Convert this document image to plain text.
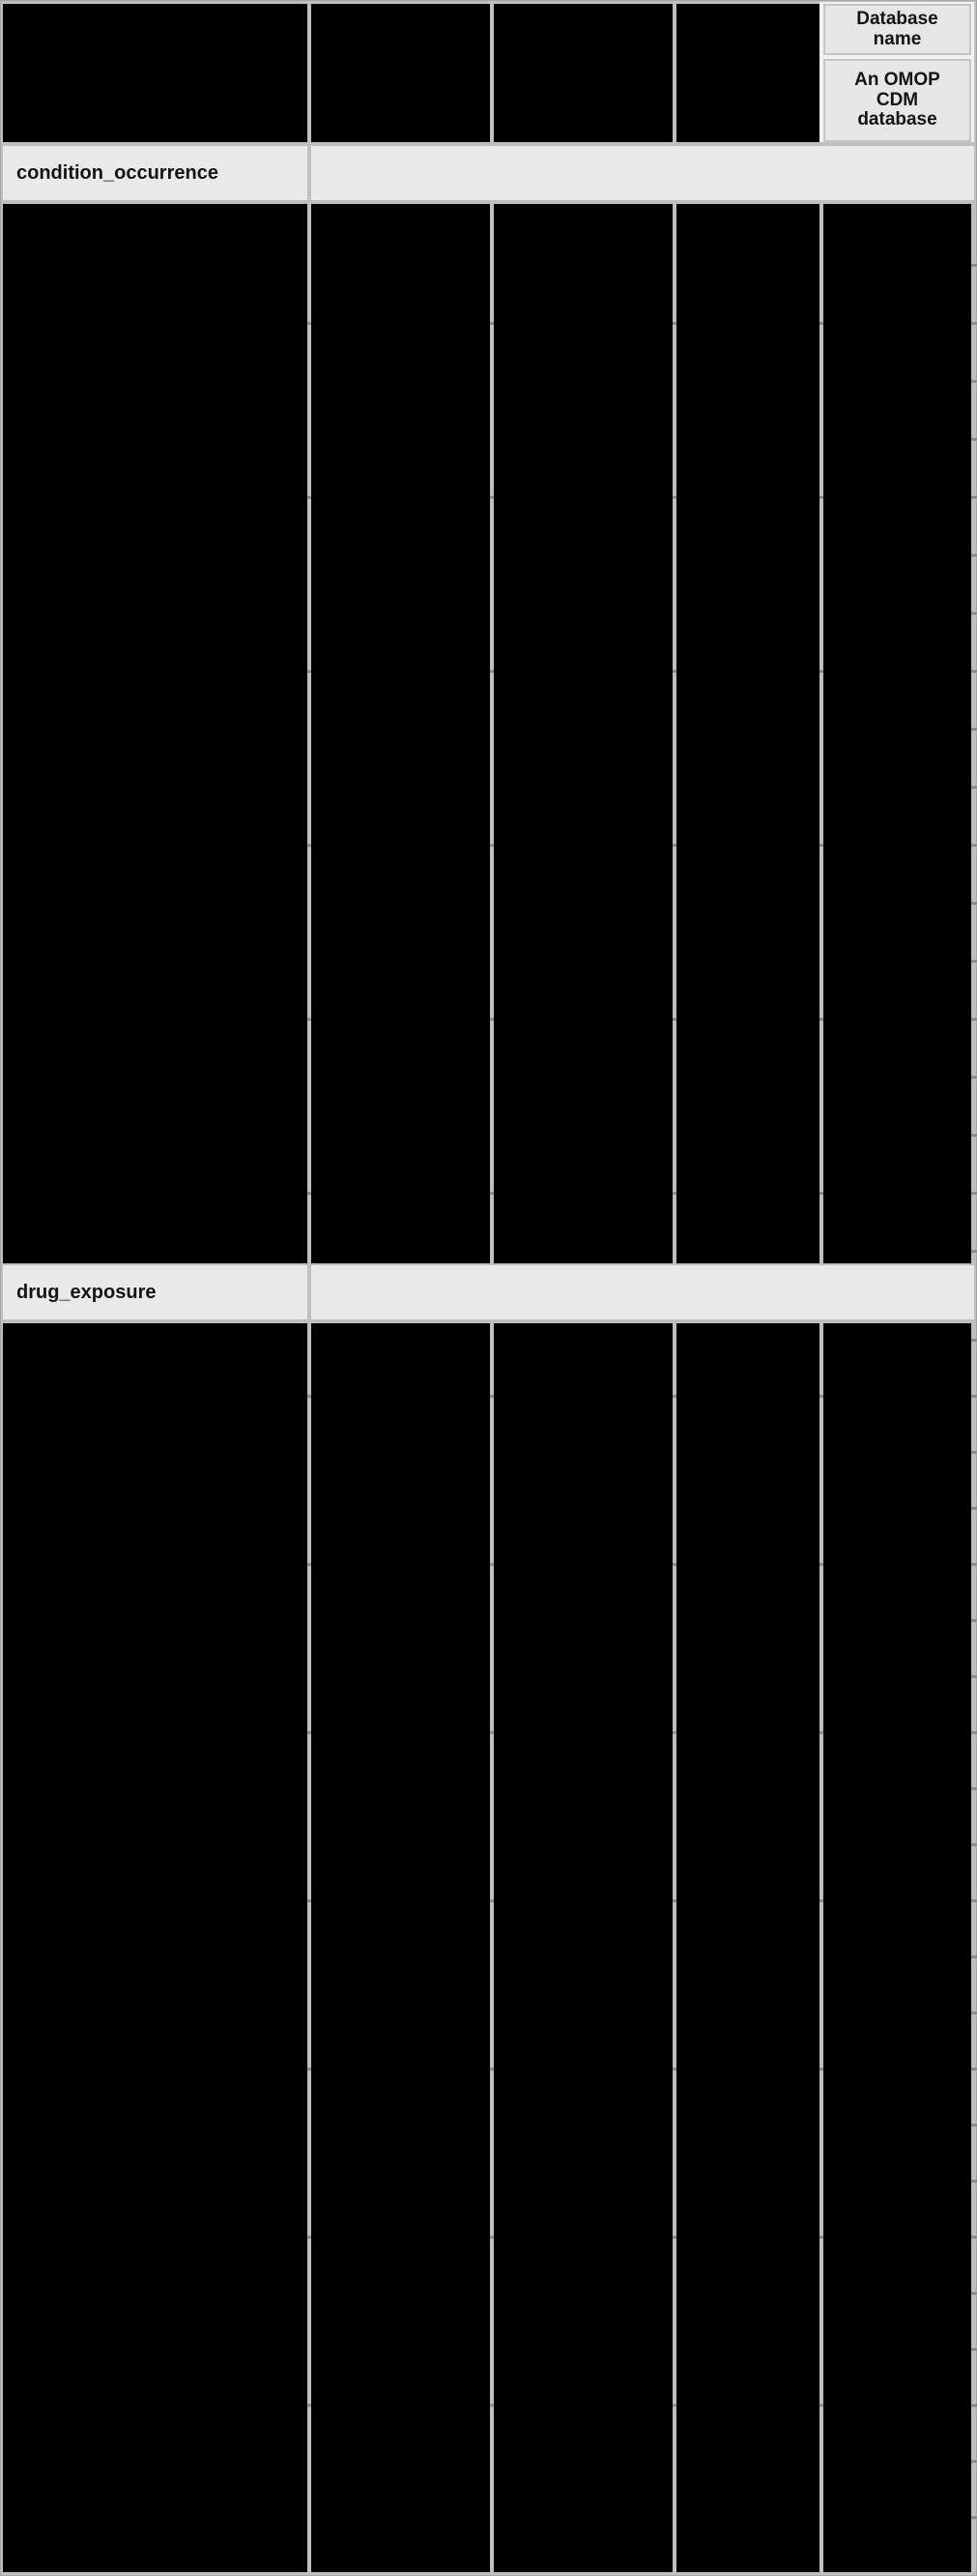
Database name
An OMOP CDM database
condition_occurrence
drug_exposure
